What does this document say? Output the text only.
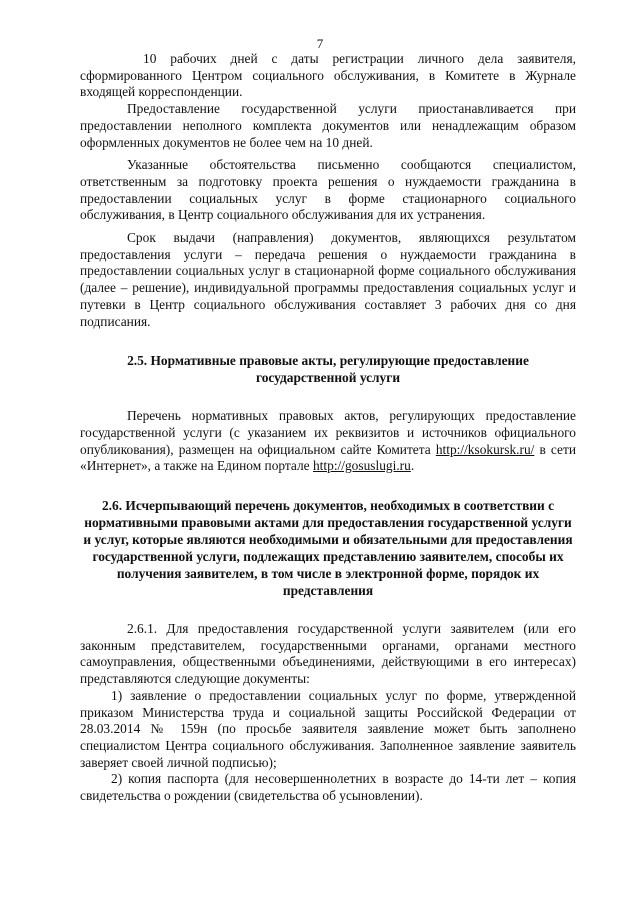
7

10 рабочих дней с даты регистрации личного дела заявителя, сформированного Центром социального обслуживания, в Комитете в Журнале входящей корреспонденции.

Предоставление государственной услуги приостанавливается при предоставлении неполного комплекта документов или ненадлежащим образом оформленных документов не более чем на 10 дней.

Указанные обстоятельства письменно сообщаются специалистом, ответственным за подготовку проекта решения о нуждаемости гражданина в предоставлении социальных услуг в форме стационарного социального обслуживания, в Центр социального обслуживания для их устранения.

Срок выдачи (направления) документов, являющихся результатом предоставления услуги – передача решения о нуждаемости гражданина в предоставлении социальных услуг в стационарной форме социального обслуживания (далее – решение), индивидуальной программы предоставления социальных услуг и путевки в Центр социального обслуживания составляет 3 рабочих дня со дня подписания.

2.5. Нормативные правовые акты, регулирующие предоставление государственной услуги

Перечень нормативных правовых актов, регулирующих предоставление государственной услуги (с указанием их реквизитов и источников официального опубликования), размещен на официальном сайте Комитета http://ksokursk.ru/ в сети «Интернет», а также на Едином портале http://gosuslugi.ru.

2.6. Исчерпывающий перечень документов, необходимых в соответствии с нормативными правовыми актами для предоставления государственной услуги и услуг, которые являются необходимыми и обязательными для предоставления государственной услуги, подлежащих представлению заявителем, способы их получения заявителем, в том числе в электронной форме, порядок их представления

2.6.1. Для предоставления государственной услуги заявителем (или его законным представителем, государственными органами, органами местного самоуправления, общественными объединениями, действующими в его интересах) представляются следующие документы:

1) заявление о предоставлении социальных услуг по форме, утвержденной приказом Министерства труда и социальной защиты Российской Федерации от 28.03.2014 № 159н (по просьбе заявителя заявление может быть заполнено специалистом Центра социального обслуживания. Заполненное заявление заявитель заверяет своей личной подписью);

2) копия паспорта (для несовершеннолетних в возрасте до 14-ти лет – копия свидетельства о рождении (свидетельства об усыновлении).
